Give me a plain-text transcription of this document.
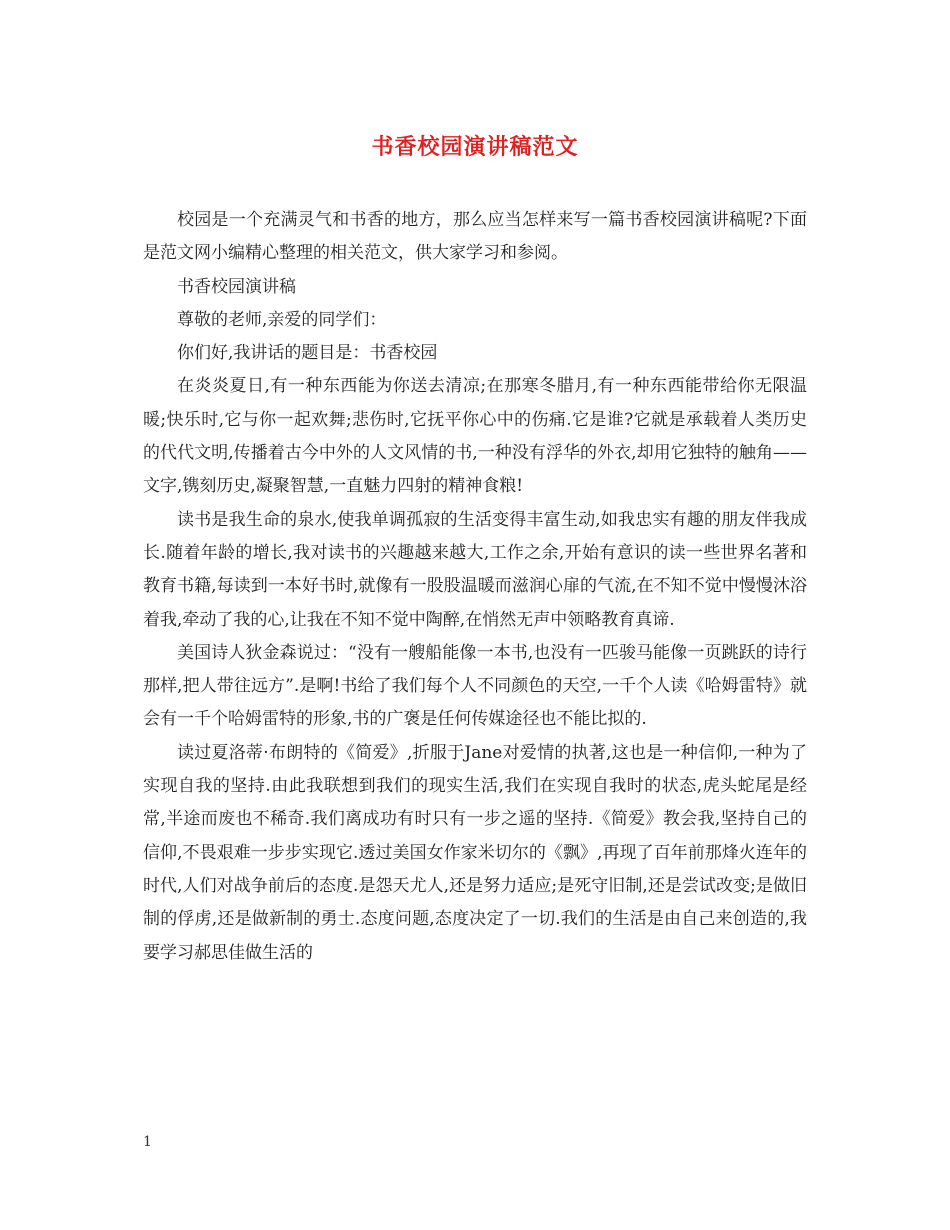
书香校园演讲稿范文

校园是一个充满灵气和书香的地方，那么应当怎样来写一篇书香校园演讲稿呢?下面是范文网小编精心整理的相关范文，供大家学习和参阅。

书香校园演讲稿

尊敬的老师,亲爱的同学们：

你们好,我讲话的题目是：书香校园

在炎炎夏日,有一种东西能为你送去清凉;在那寒冬腊月,有一种东西能带给你无限温暖;快乐时,它与你一起欢舞;悲伤时,它抚平你心中的伤痛.它是谁?它就是承载着人类历史的代代文明,传播着古今中外的人文风情的书,一种没有浮华的外衣,却用它独特的触角——文字,镌刻历史,凝聚智慧,一直魅力四射的精神食粮!

读书是我生命的泉水,使我单调孤寂的生活变得丰富生动,如我忠实有趣的朋友伴我成长.随着年龄的增长,我对读书的兴趣越来越大,工作之余,开始有意识的读一些世界名著和教育书籍,每读到一本好书时,就像有一股股温暖而滋润心扉的气流,在不知不觉中慢慢沐浴着我,牵动了我的心,让我在不知不觉中陶醉,在悄然无声中领略教育真谛.

美国诗人狄金森说过：“没有一艘船能像一本书,也没有一匹骏马能像一页跳跃的诗行那样,把人带往远方”.是啊!书给了我们每个人不同颜色的天空,一千个人读《哈姆雷特》就会有一千个哈姆雷特的形象,书的广褒是任何传媒途径也不能比拟的.

读过夏洛蒂·布朗特的《简爱》,折服于Jane对爱情的执著,这也是一种信仰,一种为了实现自我的坚持.由此我联想到我们的现实生活,我们在实现自我时的状态,虎头蛇尾是经常,半途而废也不稀奇.我们离成功有时只有一步之遥的坚持.《简爱》教会我,坚持自己的信仰,不畏艰难一步步实现它.透过美国女作家米切尔的《飘》,再现了百年前那烽火连年的时代,人们对战争前后的态度.是怨天尤人,还是努力适应;是死守旧制,还是尝试改变;是做旧制的俘虏,还是做新制的勇士.态度问题,态度决定了一切.我们的生活是由自己来创造的,我要学习郝思佳做生活的

1
